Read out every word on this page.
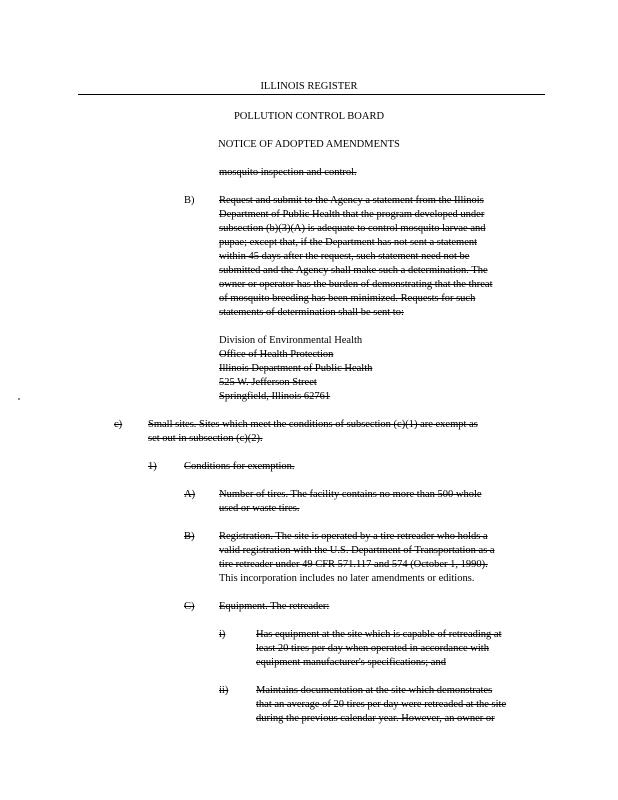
ILLINOIS REGISTER
POLLUTION CONTROL BOARD
NOTICE OF ADOPTED AMENDMENTS
mosquito inspection and control.
B) Request and submit to the Agency a statement from the Illinois
Department of Public Health that the program developed under
subsection (b)(3)(A) is adequate to control mosquito larvae and
pupae; except that, if the Department has not sent a statement
within 45 days after the request, such statement need not be
submitted and the Agency shall make such a determination. The
owner or operator has the burden of demonstrating that the threat
of mosquito breeding has been minimized. Requests for such
statements of determination shall be sent to:
Division of Environmental Health
Office of Health Protection
Illinois Department of Public Health
525 W. Jefferson Street
Springfield, Illinois 62761
c) Small sites. Sites which meet the conditions of subsection (c)(1) are exempt as
set out in subsection (c)(2).
1)	Conditions for exemption.
A) Number of tires. The facility contains no more than 500 whole
used or waste tires.
B) Registration. The site is operated by a tire retreader who holds a
valid registration with the U.S. Department of Transportation as a
tire retreader under 49 CFR 571.117 and 574 (October 1, 1990).
This incorporation includes no later amendments or editions.
C) Equipment. The retreader:
i)	Has equipment at the site which is capable of retreading at
least 20 tires per day when operated in accordance with
equipment manufacturer's specifications; and
ii)	Maintains documentation at the site which demonstrates
that an average of 20 tires per day were retreaded at the site
during the previous calendar year. However, an owner or
